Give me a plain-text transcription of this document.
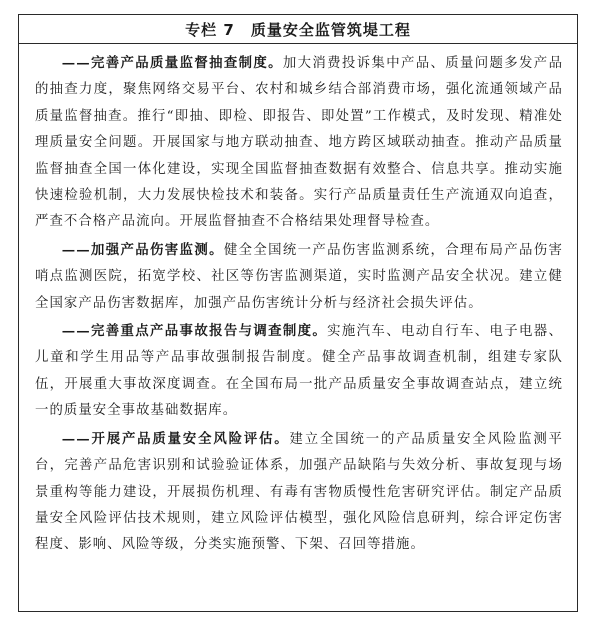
专栏 7 质量安全监管筑堤工程

——完善产品质量监督抽查制度。加大消费投诉集中产品、质量问题多发产品的抽查力度，聚焦网络交易平台、农村和城乡结合部消费市场，强化流通领域产品质量监督抽查。推行“即抽、即检、即报告、即处置”工作模式，及时发现、精准处理质量安全问题。开展国家与地方联动抽查、地方跨区域联动抽查。推动产品质量监督抽查全国一体化建设，实现全国监督抽查数据有效整合、信息共享。推动实施快速检验机制，大力发展快检技术和装备。实行产品质量责任生产流通双向追查，严查不合格产品流向。开展监督抽查不合格结果处理督导检查。

——加强产品伤害监测。健全全国统一产品伤害监测系统，合理布局产品伤害哨点监测医院，拓宽学校、社区等伤害监测渠道，实时监测产品安全状况。建立健全国家产品伤害数据库，加强产品伤害统计分析与经济社会损失评估。

——完善重点产品事故报告与调查制度。实施汽车、电动自行车、电子电器、儿童和学生用品等产品事故强制报告制度。健全产品事故调查机制，组建专家队伍，开展重大事故深度调查。在全国布局一批产品质量安全事故调查站点，建立统一的质量安全事故基础数据库。

——开展产品质量安全风险评估。建立全国统一的产品质量安全风险监测平台，完善产品危害识别和试验验证体系，加强产品缺陷与失效分析、事故复现与场景重构等能力建设，开展损伤机理、有毒有害物质慢性危害研究评估。制定产品质量安全风险评估技术规则，建立风险评估模型，强化风险信息研判，综合评定伤害程度、影响、风险等级，分类实施预警、下架、召回等措施。
